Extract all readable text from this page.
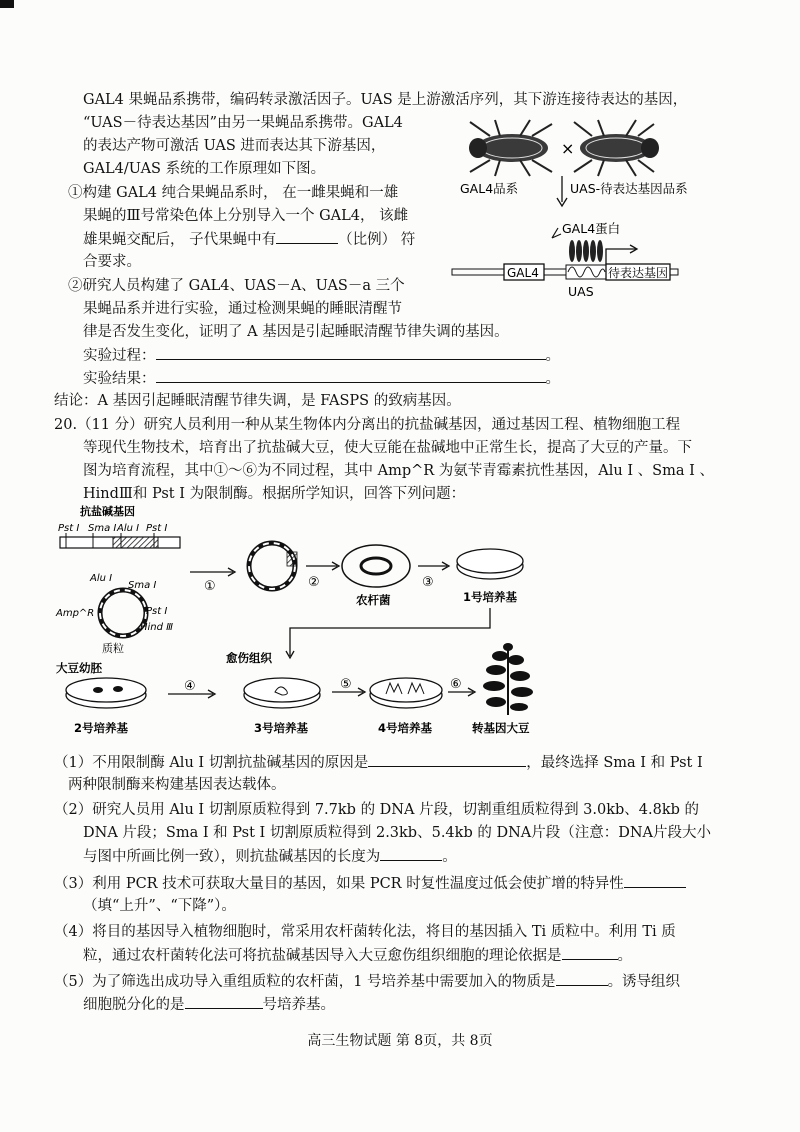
GAL4 果蝇品系携带，编码转录激活因子。UAS 是上游激活序列，其下游连接待表达的基因，
“UAS－待表达基因”由另一果蝇品系携带。GAL4
的表达产物可激活 UAS 进而表达其下游基因，
GAL4/UAS 系统的工作原理如下图。
①构建 GAL4 纯合果蝇品系时， 在一雌果蝇和一雄
果蝇的Ⅲ号常染色体上分别导入一个 GAL4， 该雌
雄果蝇交配后， 子代果蝇中有	（比例） 符
合要求。
②研究人员构建了 GAL4、UAS－A、UAS－a 三个
果蝇品系并进行实验，通过检测果蝇的睡眠清醒节
律是否发生变化，证明了 A 基因是引起睡眠清醒节律失调的基因。
实验过程：	。
实验结果：	。
结论：A 基因引起睡眠清醒节律失调，是 FASPS 的致病基因。
×
GAL4品系	UAS-待表达基因品系
GAL4蛋白
GAL4	待表达基因
UAS
20.（11 分）研究人员利用一种从某生物体内分离出的抗盐碱基因，通过基因工程、植物细胞工程
等现代生物技术，培育出了抗盐碱大豆，使大豆能在盐碱地中正常生长，提高了大豆的产量。下
图为培育流程，其中①～⑥为不同过程，其中 Amp^R 为氨苄青霉素抗性基因，Alu Ⅰ 、Sma Ⅰ 、
HindⅢ和 Pst Ⅰ 为限制酶。根据所学知识，回答下列问题：
抗盐碱基因
Pst Ⅰ Sma Ⅰ Alu Ⅰ Pst Ⅰ
Alu Ⅰ
Sma Ⅰ
Amp^R	Pst Ⅰ
Hind Ⅲ
质粒
①	②
农杆菌
③
1号培养基
大豆幼胚
2号培养基
④
愈伤组织
3号培养基
⑤
4号培养基
⑥
转基因大豆
（1）不用限制酶 Alu Ⅰ 切割抗盐碱基因的原因是	，最终选择 Sma Ⅰ 和 Pst Ⅰ
两种限制酶来构建基因表达载体。
（2）研究人员用 Alu Ⅰ 切割原质粒得到 7.7kb 的 DNA 片段，切割重组质粒得到 3.0kb、4.8kb 的
DNA 片段；Sma Ⅰ 和 Pst Ⅰ 切割原质粒得到 2.3kb、5.4kb 的 DNA片段（注意：DNA片段大小
与图中所画比例一致），则抗盐碱基因的长度为	。
（3）利用 PCR 技术可获取大量目的基因，如果 PCR 时复性温度过低会使扩增的特异性
（填“上升”、“下降”）。
（4）将目的基因导入植物细胞时，常采用农杆菌转化法，将目的基因插入 Ti 质粒中。利用 Ti 质
粒，通过农杆菌转化法可将抗盐碱基因导入大豆愈伤组织细胞的理论依据是	。
（5）为了筛选出成功导入重组质粒的农杆菌，1 号培养基中需要加入的物质是	。诱导组织
细胞脱分化的是	号培养基。
高三生物试题 第 8页，共 8页
